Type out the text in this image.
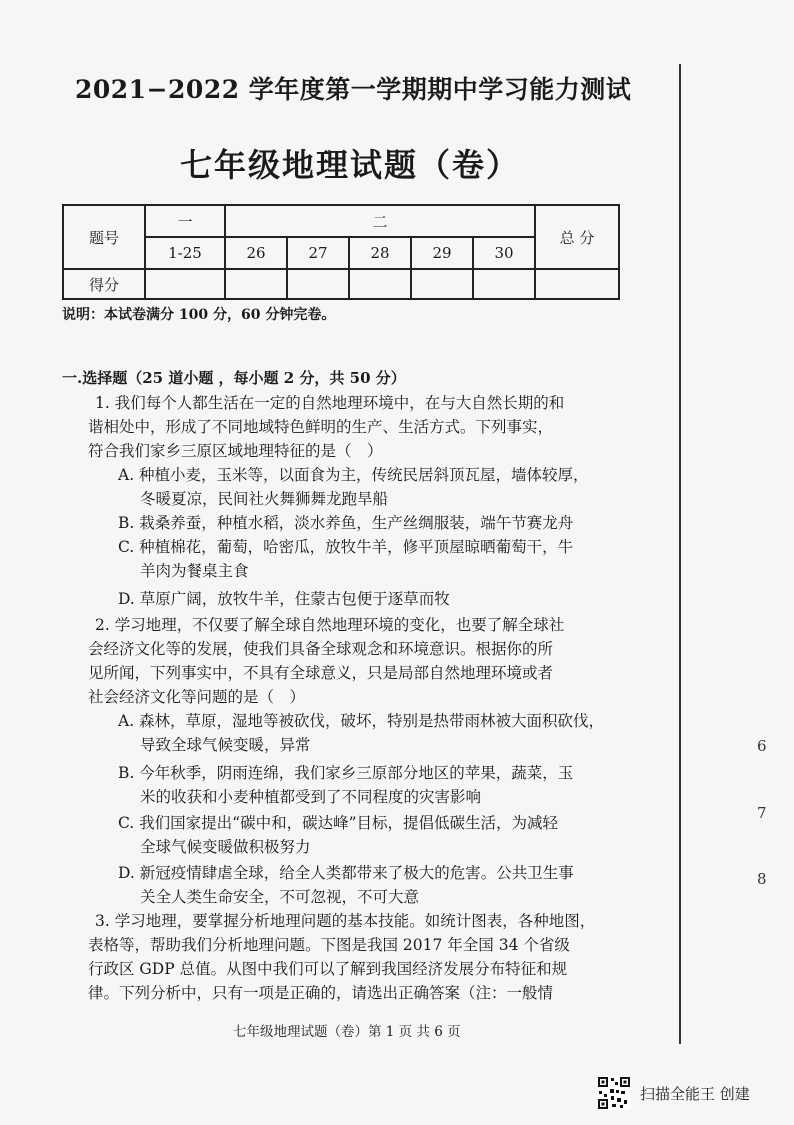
6
7
8
2021−2022 学年度第一学期期中学习能力测试
七年级地理试题（卷）
题号	一	二					总 分
	1-25	26	27	28	29	30	
得分							
说明：本试卷满分 100 分，60 分钟完卷。
一.选择题（25 道小题 ，每小题 2 分，共 50 分）
1. 我们每个人都生活在一定的自然地理环境中，在与大自然长期的和
谐相处中，形成了不同地域特色鲜明的生产、生活方式。下列事实，
符合我们家乡三原区域地理特征的是（　）
A. 种植小麦，玉米等，以面食为主，传统民居斜顶瓦屋，墙体较厚，
冬暖夏凉，民间社火舞狮舞龙跑旱船
B. 栽桑养蚕，种植水稻，淡水养鱼，生产丝绸服装，端午节赛龙舟
C. 种植棉花，葡萄，哈密瓜，放牧牛羊，修平顶屋晾晒葡萄干，牛
羊肉为餐桌主食
D. 草原广阔，放牧牛羊，住蒙古包便于逐草而牧
2. 学习地理，不仅要了解全球自然地理环境的变化，也要了解全球社
会经济文化等的发展，使我们具备全球观念和环境意识。根据你的所
见所闻，下列事实中，不具有全球意义，只是局部自然地理环境或者
社会经济文化等问题的是（　）
A. 森林，草原，湿地等被砍伐，破坏，特别是热带雨林被大面积砍伐，
导致全球气候变暖，异常
B. 今年秋季，阴雨连绵，我们家乡三原部分地区的苹果，蔬菜，玉
米的收获和小麦种植都受到了不同程度的灾害影响
C. 我们国家提出“碳中和，碳达峰”目标，提倡低碳生活，为减轻
全球气候变暖做积极努力
D. 新冠疫情肆虐全球，给全人类都带来了极大的危害。公共卫生事
关全人类生命安全，不可忽视，不可大意
3. 学习地理，要掌握分析地理问题的基本技能。如统计图表，各种地图，
表格等，帮助我们分析地理问题。下图是我国 2017 年全国 34 个省级
行政区 GDP 总值。从图中我们可以了解到我国经济发展分布特征和规
律。下列分析中，只有一项是正确的，请选出正确答案（注：一般情
七年级地理试题（卷）第 1 页 共 6 页
扫描全能王 创建
